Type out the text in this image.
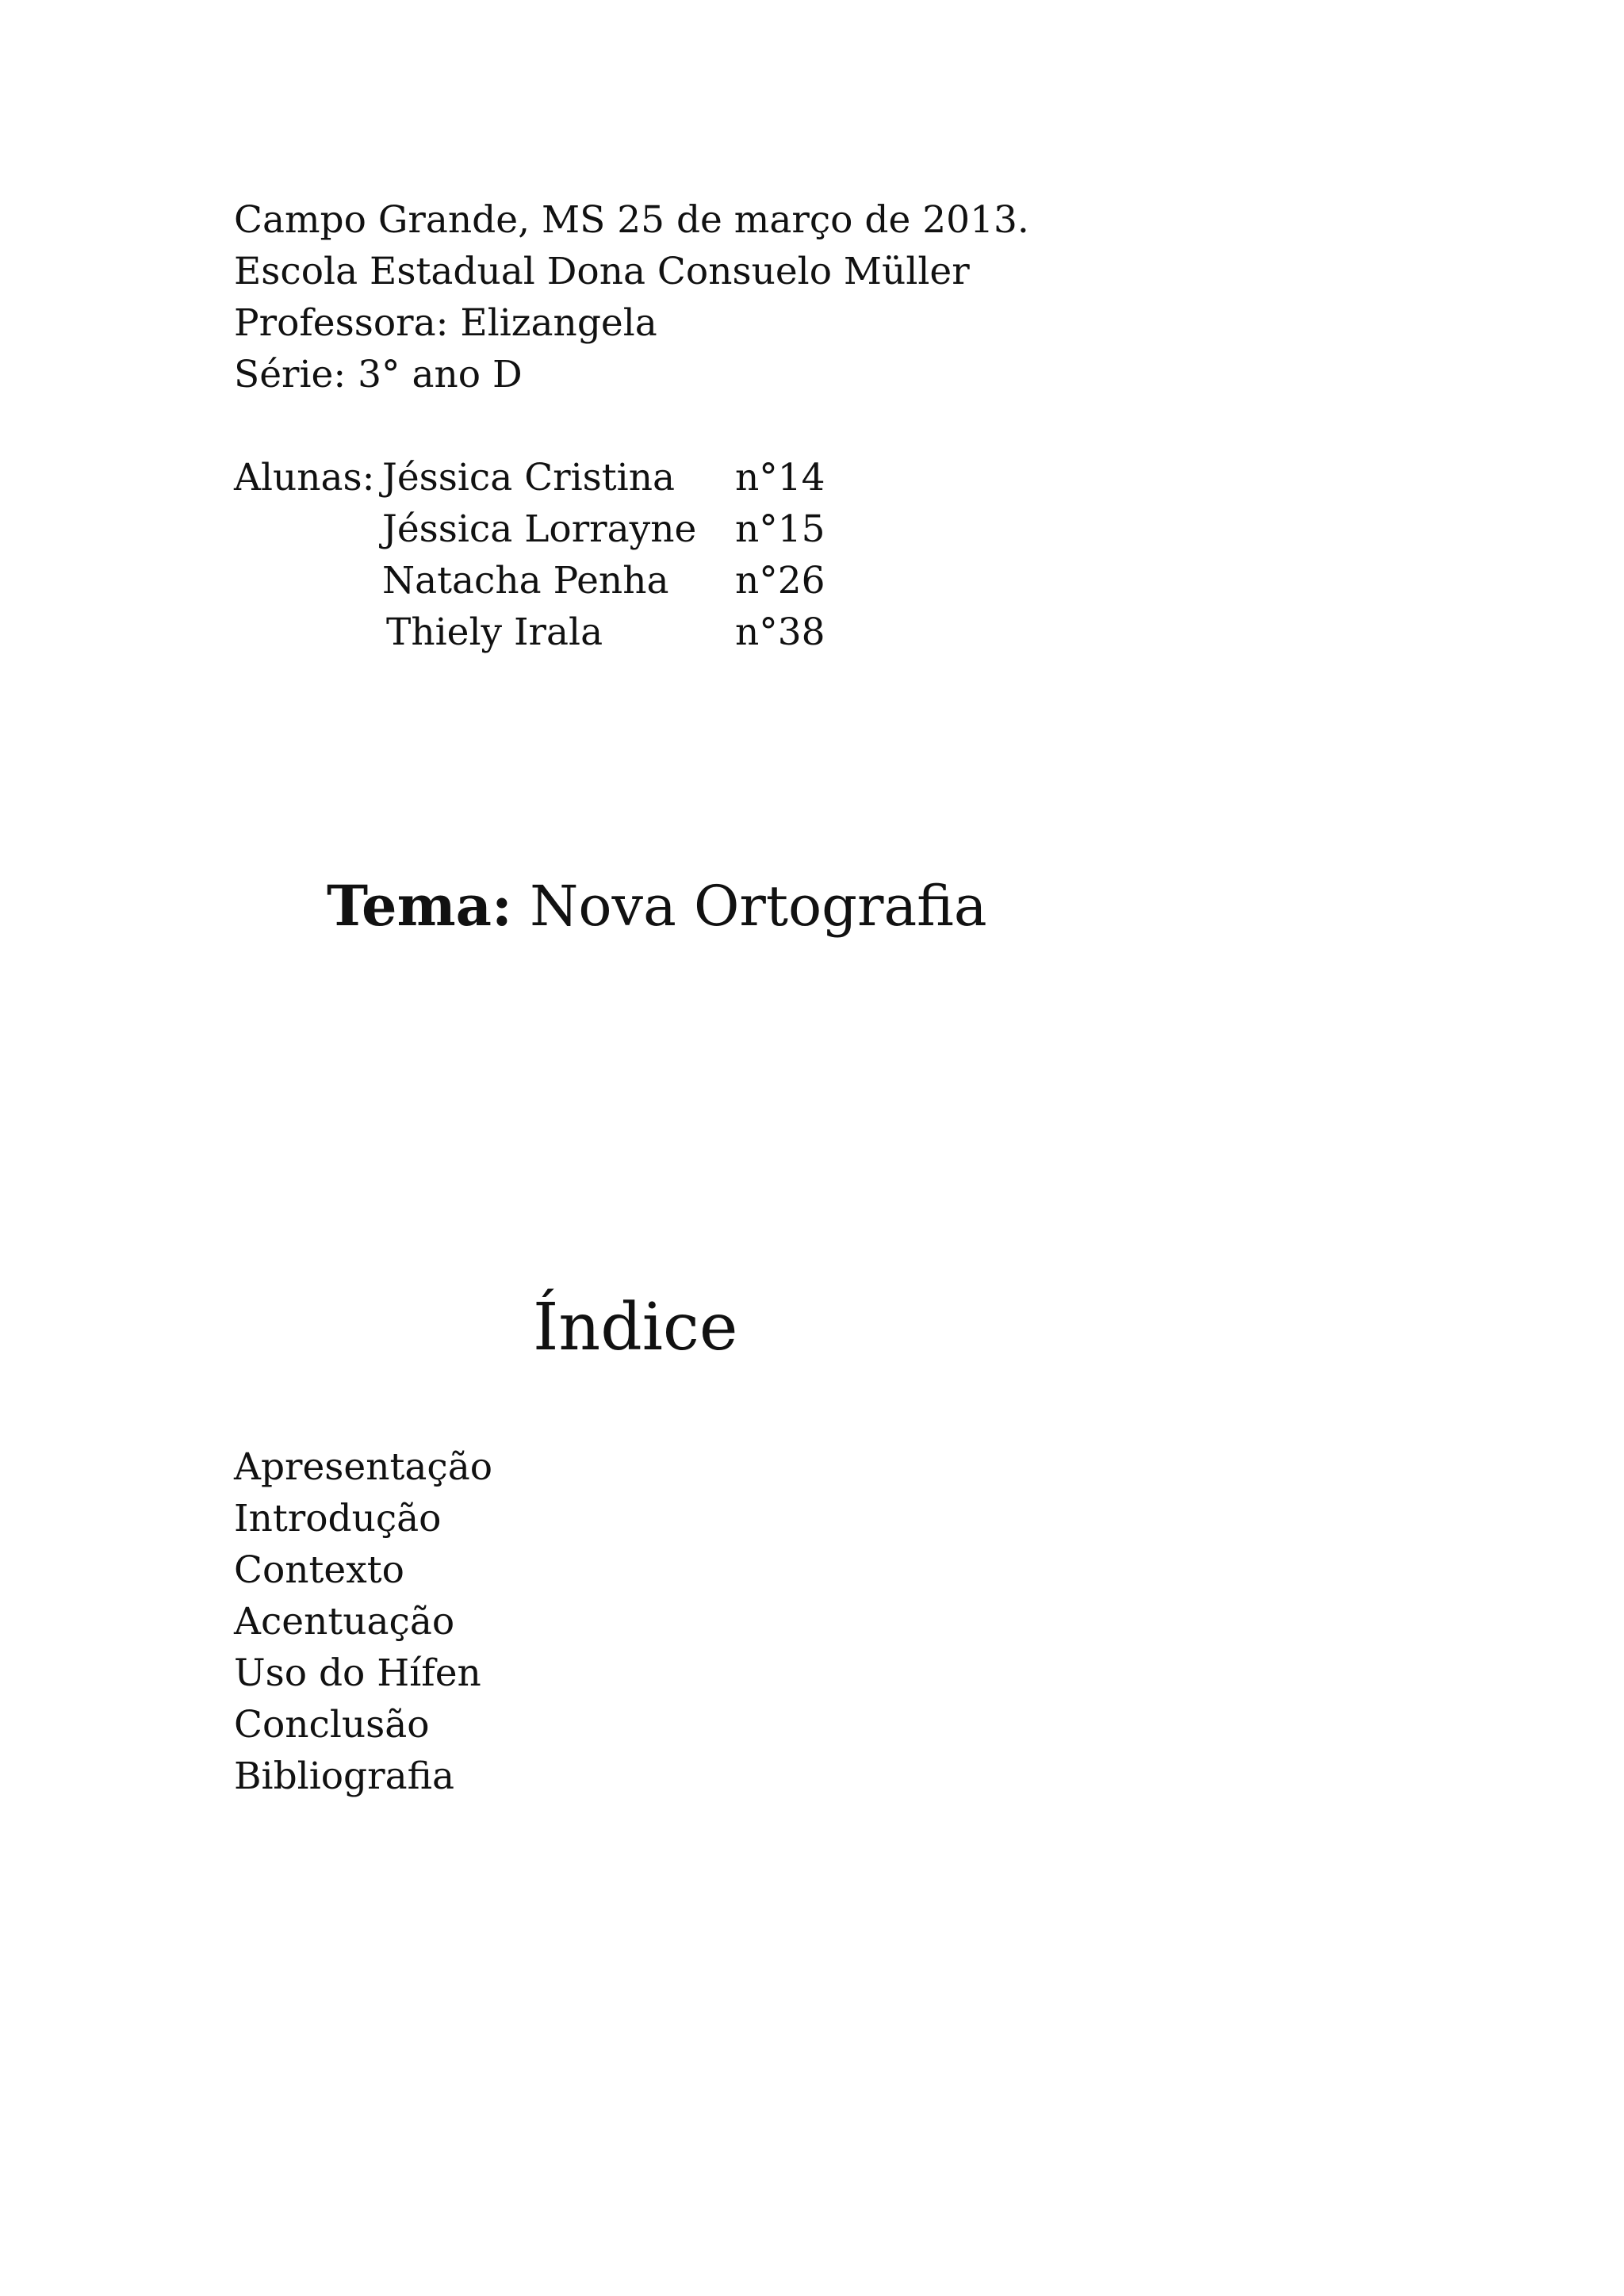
Campo Grande, MS 25 de março de 2013.
Escola Estadual Dona Consuelo Müller
Professora: Elizangela
Série: 3° ano D
Alunas: Jéssica Cristina n°14
Jéssica Lorrayne n°15
Natacha Penha n°26
Thiely Irala	n°38
Tema: Nova Ortografia
Índice
Apresentação
Introdução
Contexto
Acentuação
Uso do Hífen
Conclusão
Bibliografia
